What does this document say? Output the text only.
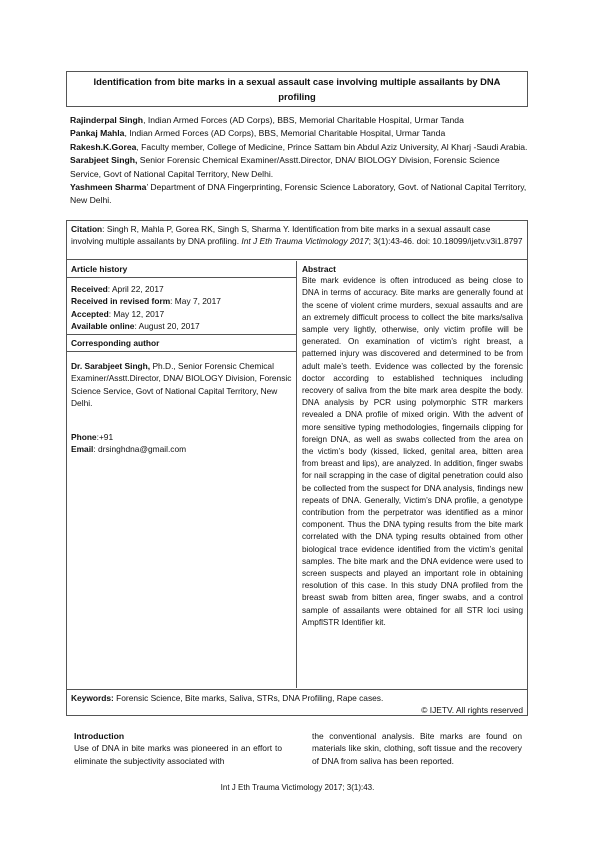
Identification from bite marks in a sexual assault case involving multiple assailants by DNA profiling

Rajinderpal Singh, Indian Armed Forces (AD Corps), BBS, Memorial Charitable Hospital, Urmar Tanda

Pankaj Mahla, Indian Armed Forces (AD Corps), BBS, Memorial Charitable Hospital, Urmar Tanda

Rakesh.K.Gorea, Faculty member, College of Medicine, Prince Sattam bin Abdul Aziz University, Al Kharj -Saudi Arabia.

Sarabjeet Singh, Senior Forensic Chemical Examiner/Asstt.Director, DNA/ BIOLOGY Division, Forensic Science Service, Govt of National Capital Territory, New Delhi.

Yashmeen Sharma’ Department of DNA Fingerprinting, Forensic Science Laboratory, Govt. of National Capital Territory, New Delhi.

Citation: Singh R, Mahla P, Gorea RK, Singh S, Sharma Y. Identification from bite marks in a sexual assault case involving multiple assailants by DNA profiling. Int J Eth Trauma Victimology 2017; 3(1):43-46. doi: 10.18099/ijetv.v3i1.8797
Article history
Received: April 22, 2017
Received in revised form: May 7, 2017
Accepted: May 12, 2017
Available online: August 20, 2017
Corresponding author
Dr. Sarabjeet Singh, Ph.D., Senior Forensic Chemical Examiner/Asstt.Director, DNA/ BIOLOGY Division, Forensic Science Service, Govt of National Capital Territory, New Delhi.
Phone:+91
Email: drsinghdna@gmail.com
Abstract

Bite mark evidence is often introduced as being close to DNA in terms of accuracy. Bite marks are generally found at the scene of violent crime murders, sexual assaults and are an extremely difficult process to collect the bite marks/saliva sample very lightly, otherwise, only victim profile will be generated. On examination of victim’s right breast, a patterned injury was discovered and determined to be from adult male’s teeth. Evidence was collected by the forensic doctor according to established techniques including recovery of saliva from the bite mark area despite the body. DNA analysis by PCR using polymorphic STR markers revealed a DNA profile of mixed origin. With the advent of more sensitive typing methodologies, fingernails clipping for foreign DNA, as well as swabs collected from the area on the victim’s body (kissed, licked, genital area, bitten area from breast and lips), are analyzed. In addition, finger swabs for nail scrapping in the case of digital penetration could also be collected from the suspect for DNA analysis, findings new repeats of DNA. Generally, Victim’s DNA profile, a genotype contribution from the perpetrator was identified as a minor component. Thus the DNA typing results from the bite mark correlated with the DNA typing results obtained from other biological trace evidence identified from the victim’s genital samples. The bite mark and the DNA evidence were used to screen suspects and played an important role in obtaining resolution of this case. In this study DNA profiled from the breast swab from bitten area, finger swabs, and a control sample of assailants were obtained for all STR loci using AmpflSTR Identifier kit.

Keywords: Forensic Science, Bite marks, Saliva, STRs, DNA Profiling, Rape cases.
© IJETV. All rights reserved
Introduction
Use of DNA in bite marks was pioneered in an effort to eliminate the subjectivity associated with
the conventional analysis. Bite marks are found on materials like skin, clothing, soft tissue and the recovery of DNA from saliva has been reported.
Int J Eth Trauma Victimology 2017; 3(1):43.
